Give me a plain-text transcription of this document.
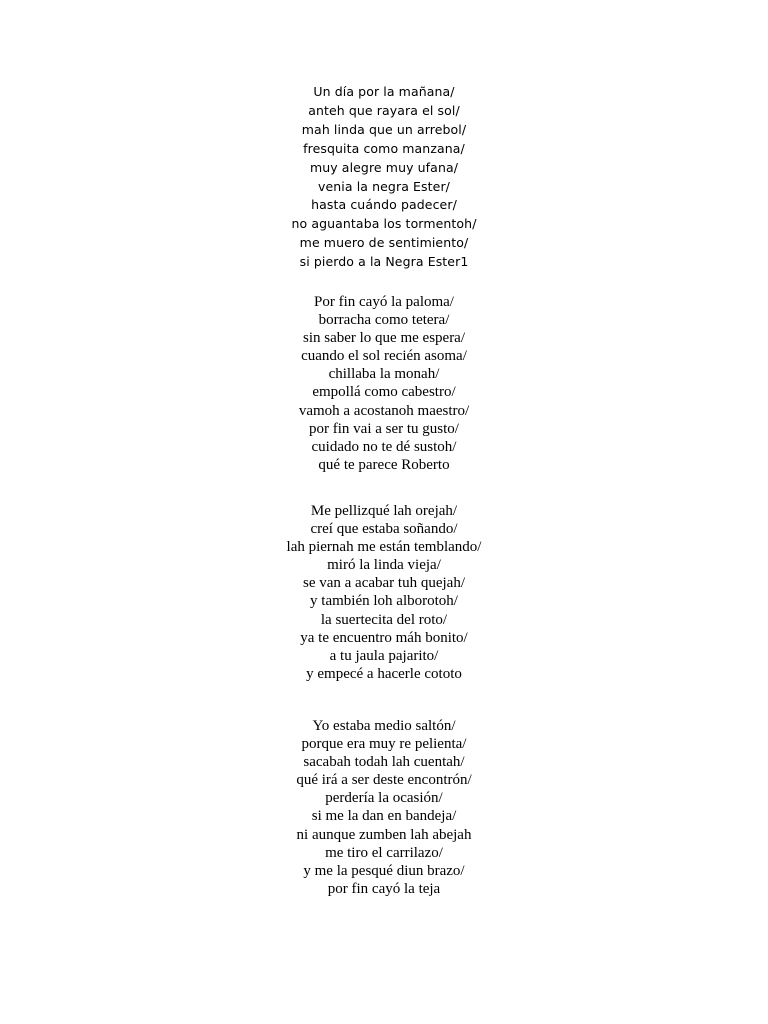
Un día por la mañana/
anteh que rayara el sol/
mah linda que un arrebol/
fresquita como manzana/
muy alegre muy ufana/
venia la negra Ester/
hasta cuándo padecer/
no aguantaba los tormentoh/
me muero de sentimiento/
si pierdo a la Negra Ester1
Por fin cayó la paloma/
borracha como tetera/
sin saber lo que me espera/
cuando el sol recién asoma/
chillaba la monah/
empollá como cabestro/
vamoh a acostanoh maestro/
por fin vai a ser tu gusto/
cuidado no te dé sustoh/
qué te parece Roberto
Me pellizqué lah orejah/
creí que estaba soñando/
lah piernah me están temblando/
miró la linda vieja/
se van a acabar tuh quejah/
y también loh alborotoh/
la suertecita del roto/
ya te encuentro máh bonito/
a tu jaula pajarito/
y empecé a hacerle cototo
Yo estaba medio saltón/
porque era muy re pelienta/
sacabah todah lah cuentah/
qué irá a ser deste encontrón/
perdería la ocasión/
si me la dan en bandeja/
ni aunque zumben lah abejah
me tiro el carrilazo/
y me la pesqué diun brazo/
por fin cayó la teja
